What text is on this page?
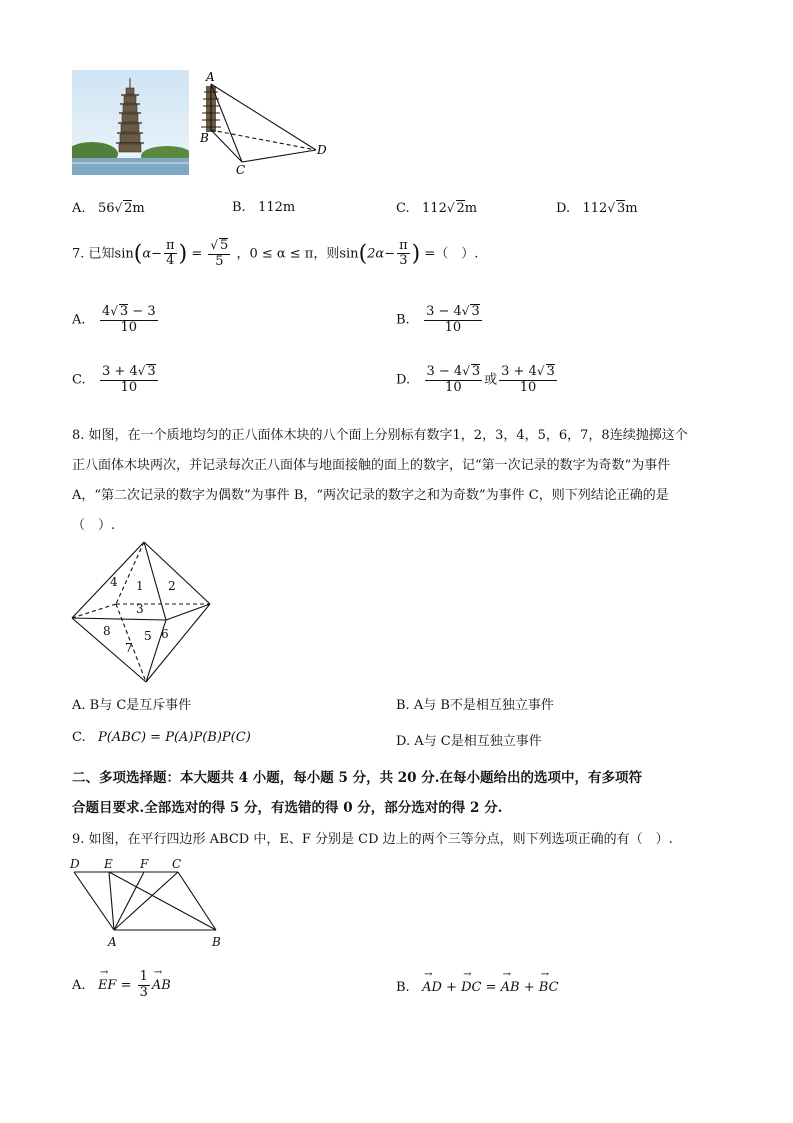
A
B
C
D
A. 56√ 2m	B. 112m	C. 112√ 2m	D. 112√ 3m
7. 已知$\sin(\alpha- \frac{\pi}{4}$ ) = $\frac{√ 5}{5}$ ，0 ≤ α ≤ π，则$\sin(2\alpha- \frac{\pi}{3}$ ) =（　）.
A. $\frac{4√ 3 - 3}{10}$	B. $\frac{3 - 4√ 3}{10}$
C. $\frac{3 + 4√ 3}{10}$	D. $\frac{3 - 4√ 3}{10}$ 或 $\frac{3 + 4√ 3}{10}$
8. 如图，在一个质地均匀的正八面体木块的八个面上分别标有数字1，2，3，4，5，6，7，8连续抛掷这个
正八面体木块两次，并记录每次正八面体与地面接触的面上的数字，记“第一次记录的数字为奇数”为事件
A，“第二次记录的数字为偶数”为事件 B，“两次记录的数字之和为奇数”为事件 C，则下列结论正确的是
（　）.
4 1 2
3
8	5 6
7
A. B与 C是互斥事件	B. A与 B不是相互独立事件
C. P(ABC) = P(A)P(B)P(C)	D. A与 C是相互独立事件
二、多项选择题：本大题共 4 小题，每小题 5 分，共 20 分.在每小题给出的选项中，有多项符
合题目要求.全部选对的得 5 分，有选错的得 0 分，部分选对的得 2 分.
9. 如图，在平行四边形 ABCD 中，E、F 分别是 CD 边上的两个三等分点，则下列选项正确的有（　）.
D E F C
A	B
A. → EF = $\frac{1}{3}$ → AB	B. → AD + → DC = → AB + → BC
